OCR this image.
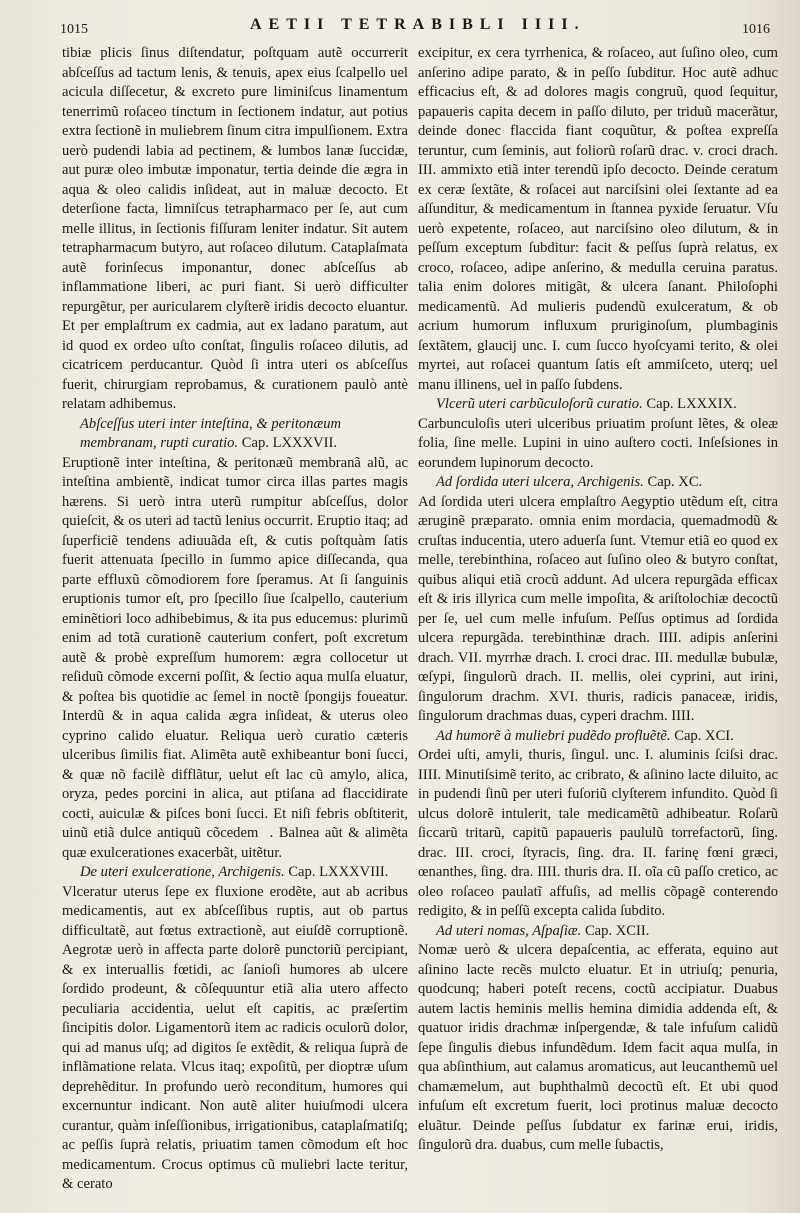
1015	AETII TETRABIBLI IIII.	1016

tibiæ plicis ſinus diſtendatur, poſtquam autẽ occurrerit abſceſſus ad tactum lenis, & tenuis, apex eius ſcalpello uel acicula diſſecetur, & excreto pure liminiſcus linamentum tenerrimũ roſaceo tinctum in ſectionem indatur, aut potius extra ſectionẽ in muliebrem ſinum citra impulſionem. Extra uerò pudendi labia ad pectinem, & lumbos lanæ ſuccidæ, aut puræ oleo imbutæ imponatur, tertia deinde die ægra in aqua & oleo calidis inſideat, aut in maluæ decocto. Et deterſione facta, limniſcus tetrapharmaco per ſe, aut cum melle illitus, in ſectionis fiſſuram leniter indatur. Sit autem tetrapharmacum butyro, aut roſaceo dilutum. Cataplaſmata autẽ forinſecus imponantur, donec abſceſſus ab inflammatione liberi, ac puri fiant. Si uerò difficulter repurgẽtur, per auricularem clyſterẽ iridis decocto eluantur. Et per emplaſtrum ex cadmia, aut ex ladano paratum, aut id quod ex ordeo uſto conſtat, ſingulis roſaceo dilutis, ad cicatricem perducantur. Quòd ſi intra uteri os abſceſſus fuerit, chirurgiam reprobamus, & curationem paulò antè relatam adhibemus.

Abſceſſus uteri inter inteſtina, & peritonæum membranam, rupti curatio. Cap. LXXXVII.

Eruptionẽ inter inteſtina, & peritonæũ membranã alũ, ac inteſtina ambientẽ, indicat tumor circa illas partes magis hærens. Si uerò intra uterũ rumpitur abſceſſus, dolor quieſcit, & os uteri ad tactũ lenius occurrit. Eruptio itaq; ad ſuperficiẽ tendens adiuuãda eſt, & cutis poſtquàm ſatis fuerit attenuata ſpecillo in ſummo apice diſſecanda, qua parte effluxũ cõmodiorem fore ſperamus. At ſi ſanguinis eruptionis tumor eſt, pro ſpecillo ſiue ſcalpello, cauterium eminẽtiori loco adhibebimus, & ita pus educemus: plurimũ enim ad totã curationẽ cauterium confert, poſt excretum autẽ & probè expreſſum humorem: ægra collocetur ut reſiduũ cõmode excerni poſſit, & ſectio aqua mulſa eluatur, & poſtea bis quotidie ac ſemel in noctẽ ſpongijs foueatur. Interdũ & in aqua calida ægra inſideat, & uterus oleo cyprino calido eluatur. Reliqua uerò curatio cæteris ulceribus ſimilis fiat. Alimẽta autẽ exhibeantur boni ſucci, & quæ nõ facilè difflãtur, uelut eſt lac cũ amylo, alica, oryza, pedes porcini in alica, aut ptiſana ad flaccidirate cocti, auiculæ & piſces boni ſucci. Et niſi febris obſtiterit, uinũ etiã dulce antiquũ cõcedem᷑. Balnea aũt & alimẽta quæ exulcerationes exacerbãt, uitẽtur.

De uteri exulceratione, Archigenis. Cap. LXXXVIII.

Vlceratur uterus ſepe ex fluxione erodẽte, aut ab acribus medicamentis, aut ex abſceſſibus ruptis, aut ob partus difficultatẽ, aut fœtus extractionẽ, aut eiuſdẽ corruptionẽ. Aegrotæ uerò in affecta parte dolorẽ punctoriũ percipiant, & ex interuallis fœtidi, ac ſanioſi humores ab ulcere ſordido prodeunt, & cõſequuntur etiã alia utero affecto peculiaria accidentia, uelut eſt capitis, ac præſertim ſincipitis dolor. Ligamentorũ item ac radicis oculorũ dolor, qui ad manus uſq; ad digitos ſe extẽdit, & reliqua ſuprà de inflãmatione relata. Vlcus itaq; expoſitũ, per dioptræ uſum deprehẽditur. In profundo uerò reconditum, humores qui excernuntur indicant. Non autẽ aliter huiuſmodi ulcera curantur, quàm inſeſſionibus, irrigationibus, cataplaſmatiſq; ac peſſis ſuprà relatis, priuatim tamen cõmodum eſt hoc medicamentum. Crocus optimus cũ muliebri lacte teritur, & cerato

excipitur, ex cera tyrrhenica, & roſaceo, aut ſuſino oleo, cum anſerino adipe parato, & in peſſo ſubditur. Hoc autẽ adhuc efficacius eſt, & ad dolores magis congruũ, quod ſequitur, papaueris capita decem in paſſo diluto, per triduũ macerãtur, deinde donec flaccida fiant coquũtur, & poſtea expreſſa teruntur, cum ſeminis, aut foliorũ roſarũ drac. v. croci drach. III. ammixto etiã inter terendũ ipſo decocto. Deinde ceratum ex ceræ ſextãte, & roſacei aut narciſsini olei ſextante ad ea aſſunditur, & medicamentum in ſtannea pyxide ſeruatur. Vſu uerò expetente, roſaceo, aut narciſsino oleo dilutum, & in peſſum exceptum ſubditur: facit & peſſus ſuprà relatus, ex croco, roſaceo, adipe anſerino, & medulla ceruina paratus. talia enim dolores mitigãt, & ulcera ſanant. Philoſophi medicamentũ. Ad mulieris pudendũ exulceratum, & ob acrium humorum influxum pruriginoſum, plumbaginis ſextãtem, glaucij unc. I. cum ſucco hyoſcyami terito, & olei myrtei, aut roſacei quantum ſatis eſt ammiſceto, uterq; uel manu illinens, uel in paſſo ſubdens.

Vlcerũ uteri carbũculoſorũ curatio. Cap. LXXXIX.

Carbunculoſis uteri ulceribus priuatim proſunt lẽtes, & oleæ folia, ſine melle. Lupini in uino auſtero cocti. Inſeſsiones in eorundem lupinorum decocto.

Ad ſordida uteri ulcera, Archigenis. Cap. XC.

Ad ſordida uteri ulcera emplaſtro Aegyptio utẽdum eſt, citra æruginẽ præparato. omnia enim mordacia, quemadmodũ & cruſtas inducentia, utero aduerſa ſunt. Vtemur etiã eo quod ex melle, terebinthina, roſaceo aut ſuſino oleo & butyro conſtat, quibus aliqui etiã crocũ addunt. Ad ulcera repurgãda efficax eſt & iris illyrica cum melle impoſita, & ariſtolochiæ decoctũ per ſe, uel cum melle infuſum. Peſſus optimus ad ſordida ulcera repurgãda. terebinthinæ drach. IIII. adipis anſerini drach. VII. myrrhæ drach. I. croci drac. III. medullæ bubulæ, œſypi, ſingulorũ drach. II. mellis, olei cyprini, aut irini, ſingulorum drachm. XVI. thuris, radicis panaceæ, iridis, ſingulorum drachmas duas, cyperi drachm. IIII.

Ad humorẽ à muliebri pudẽdo profluẽtẽ. Cap. XCI.

Ordei uſti, amyli, thuris, ſingul. unc. I. aluminis ſciſsi drac. IIII. Minutiſsimẽ terito, ac cribrato, & aſinino lacte diluito, ac in pudendi ſinũ per uteri fuſoriũ clyſterem infundito. Quòd ſi ulcus dolorẽ intulerit, tale medicamẽtũ adhibeatur. Roſarũ ſiccarũ tritarũ, capitũ papaueris paululũ torrefactorũ, ſing. drac. III. croci, ſtyracis, ſing. dra. II. farinę fœni græci, œnanthes, ſing. dra. IIII. thuris dra. II. oĩa cũ paſſo cretico, ac oleo roſaceo paulatĩ affuſis, ad mellis cõpagẽ conterendo redigito, & in peſſũ excepta calida ſubdito.

Ad uteri nomas, Aſpaſiæ. Cap. XCII.

Nomæ uerò & ulcera depaſcentia, ac efferata, equino aut aſinino lacte recẽs mulcto eluatur. Et in utriuſq; penuria, quodcunq; haberi poteſt recens, coctũ accipiatur. Duabus autem lactis heminis mellis hemina dimidia addenda eſt, & quatuor iridis drachmæ inſpergendæ, & tale infuſum calidũ ſepe ſingulis diebus infundẽdum. Idem facit aqua mulſa, in qua abſinthium, aut calamus aromaticus, aut leucanthemũ uel chamæmelum, aut buphthalmũ decoctũ eſt. Et ubi quod infuſum eſt excretum fuerit, loci protinus maluæ decocto eluãtur. Deinde peſſus ſubdatur ex farinæ erui, iridis, ſingulorũ dra. duabus, cum melle ſubactis,
